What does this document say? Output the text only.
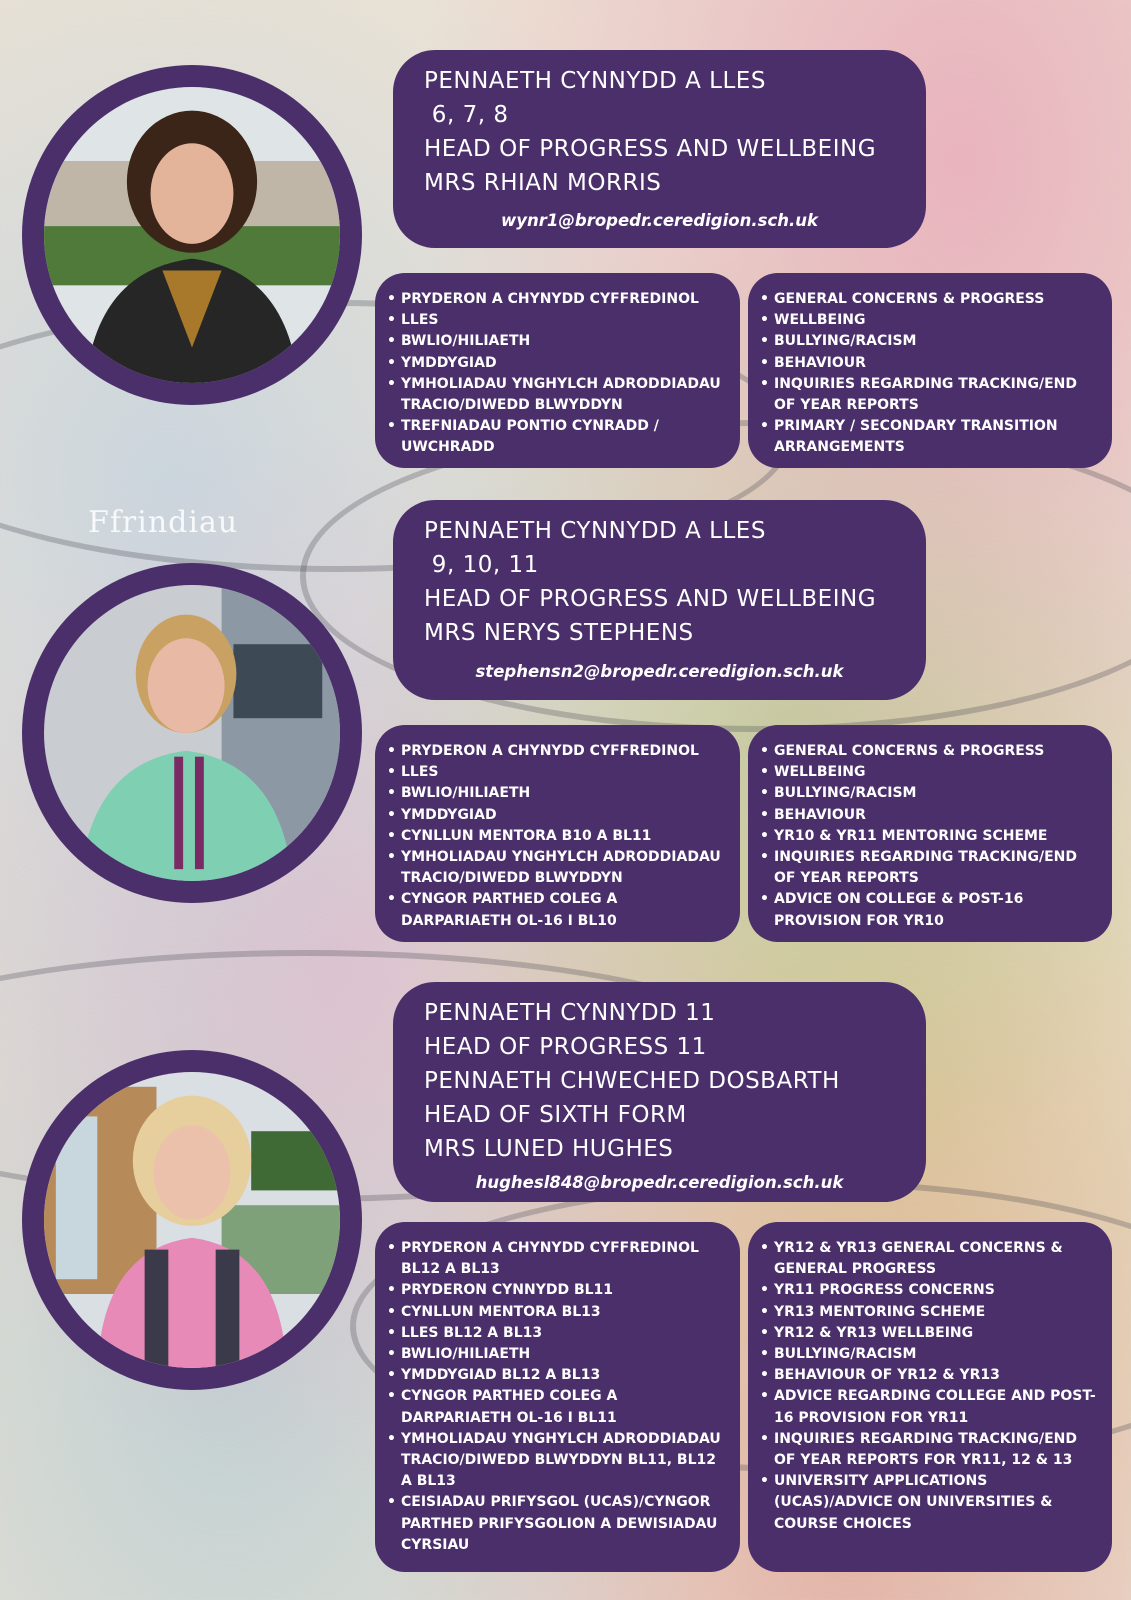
Ffrindiau
PENNAETH CYNNYDD A LLES
6, 7, 8
HEAD OF PROGRESS AND WELLBEING
MRS RHIAN MORRIS
wynr1@bropedr.ceredigion.sch.uk
• PRYDERON A CHYNYDD CYFFREDINOL
• LLES
• BWLIO/HILIAETH
• YMDDYGIAD
• YMHOLIADAU YNGHYLCH ADRODDIADAU TRACIO/DIWEDD BLWYDDYN
• TREFNIADAU PONTIO CYNRADD / UWCHRADD
• GENERAL CONCERNS & PROGRESS
• WELLBEING
• BULLYING/RACISM
• BEHAVIOUR
• INQUIRIES REGARDING TRACKING/END OF YEAR REPORTS
• PRIMARY / SECONDARY TRANSITION ARRANGEMENTS
PENNAETH CYNNYDD A LLES
9, 10, 11
HEAD OF PROGRESS AND WELLBEING
MRS NERYS STEPHENS
stephensn2@bropedr.ceredigion.sch.uk
• PRYDERON A CHYNYDD CYFFREDINOL
• LLES
• BWLIO/HILIAETH
• YMDDYGIAD
• CYNLLUN MENTORA B10 A BL11
• YMHOLIADAU YNGHYLCH ADRODDIADAU TRACIO/DIWEDD BLWYDDYN
• CYNGOR PARTHED COLEG A DARPARIAETH OL-16 I BL10
• GENERAL CONCERNS & PROGRESS
• WELLBEING
• BULLYING/RACISM
• BEHAVIOUR
• YR10 & YR11 MENTORING SCHEME
• INQUIRIES REGARDING TRACKING/END OF YEAR REPORTS
• ADVICE ON COLLEGE & POST-16 PROVISION FOR YR10
PENNAETH CYNNYDD 11
HEAD OF PROGRESS 11
PENNAETH CHWECHED DOSBARTH
HEAD OF SIXTH FORM
MRS LUNED HUGHES
hughesl848@bropedr.ceredigion.sch.uk
• PRYDERON A CHYNYDD CYFFREDINOL BL12 A BL13
• PRYDERON CYNNYDD BL11
• CYNLLUN MENTORA BL13
• LLES BL12 A BL13
• BWLIO/HILIAETH
• YMDDYGIAD BL12 A BL13
• CYNGOR PARTHED COLEG A DARPARIAETH OL-16 I BL11
• YMHOLIADAU YNGHYLCH ADRODDIADAU TRACIO/DIWEDD BLWYDDYN BL11, BL12 A BL13
• CEISIADAU PRIFYSGOL (UCAS)/CYNGOR PARTHED PRIFYSGOLION A DEWISIADAU CYRSIAU
• YR12 & YR13 GENERAL CONCERNS & GENERAL PROGRESS
• YR11 PROGRESS CONCERNS
• YR13 MENTORING SCHEME
• YR12 & YR13 WELLBEING
• BULLYING/RACISM
• BEHAVIOUR OF YR12 & YR13
• ADVICE REGARDING COLLEGE AND POST-16 PROVISION FOR YR11
• INQUIRIES REGARDING TRACKING/END OF YEAR REPORTS FOR YR11, 12 & 13
• UNIVERSITY APPLICATIONS (UCAS)/ADVICE ON UNIVERSITIES & COURSE CHOICES
